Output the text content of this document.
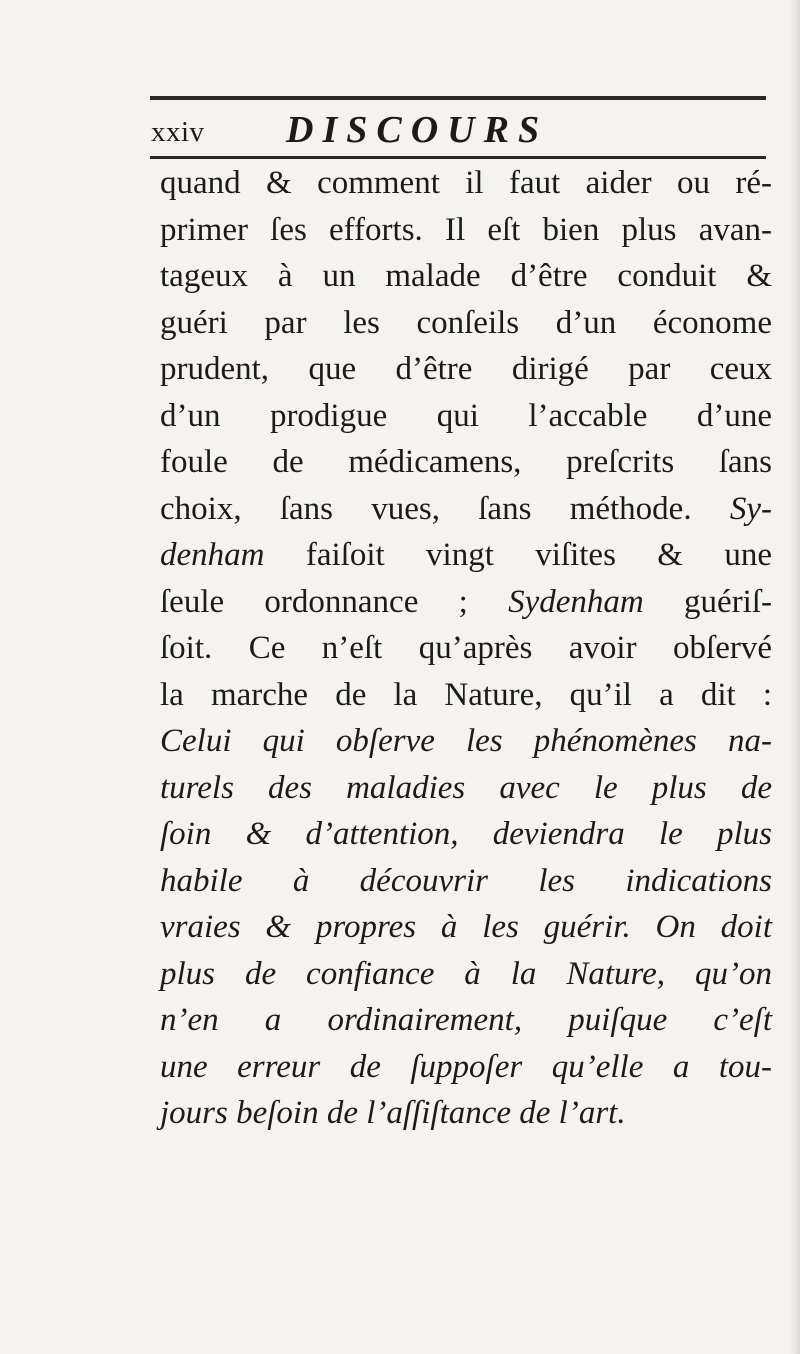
xxiv DISCOURS
quand & comment il faut aider ou ré-
primer ſes efforts. Il eſt bien plus avan-
tageux à un malade d’être conduit &
guéri par les conſeils d’un économe
prudent, que d’être dirigé par ceux
d’un prodigue qui l’accable d’une
foule de médicamens, preſcrits ſans
choix, ſans vues, ſans méthode. Sy-
denham faiſoit vingt viſites & une
ſeule ordonnance ; Sydenham guériſ-
ſoit. Ce n’eſt qu’après avoir obſervé
la marche de la Nature, qu’il a dit :
Celui qui obſerve les phénomènes na-
turels des maladies avec le plus de
ſoin & d’attention, deviendra le plus
habile à découvrir les indications
vraies & propres à les guérir. On doit
plus de confiance à la Nature, qu’on
n’en a ordinairement, puiſque c’eſt
une erreur de ſuppoſer qu’elle a tou-
jours beſoin de l’aſſiſtance de l’art.
